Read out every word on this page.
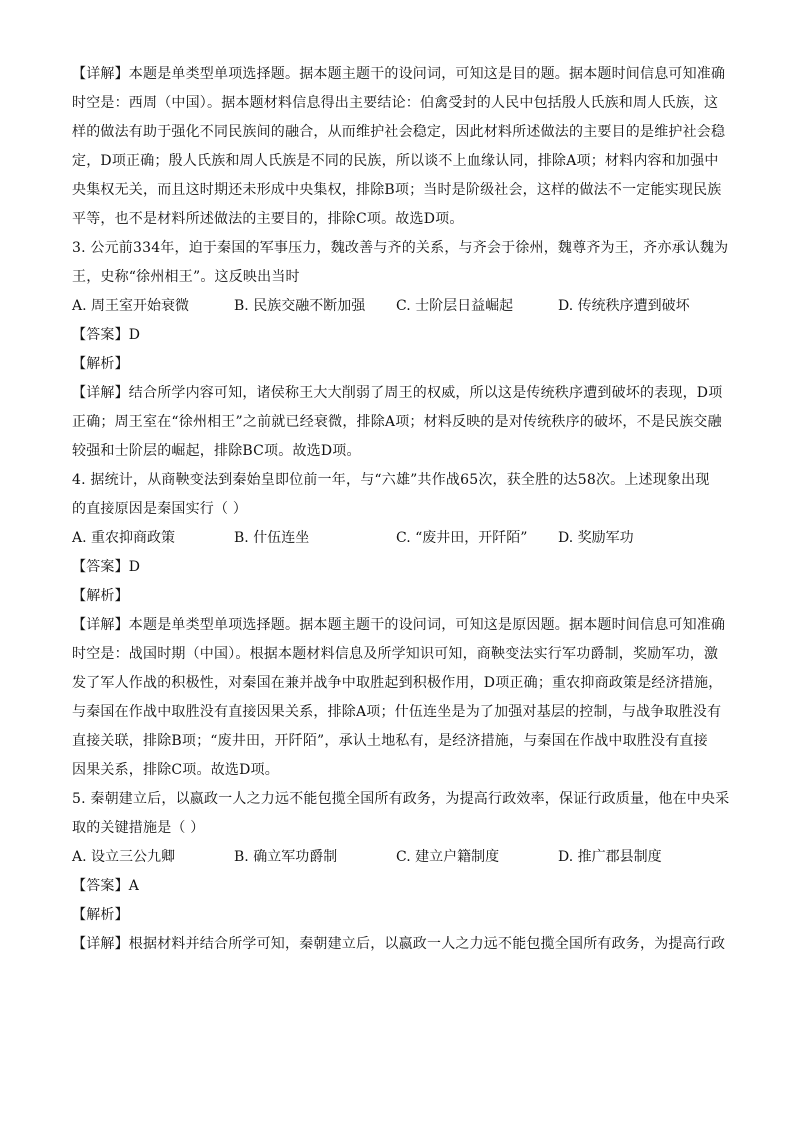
【详解】本题是单类型单项选择题。据本题主题干的设问词，可知这是目的题。据本题时间信息可知准确
时空是：西周（中国）。据本题材料信息得出主要结论：伯禽受封的人民中包括殷人氏族和周人氏族，这
样的做法有助于强化不同民族间的融合，从而维护社会稳定，因此材料所述做法的主要目的是维护社会稳
定，D项正确；殷人氏族和周人氏族是不同的民族，所以谈不上血缘认同，排除A项；材料内容和加强中
央集权无关，而且这时期还未形成中央集权，排除B项；当时是阶级社会，这样的做法不一定能实现民族
平等，也不是材料所述做法的主要目的，排除C项。故选D项。
3. 公元前334年，迫于秦国的军事压力，魏改善与齐的关系，与齐会于徐州，魏尊齐为王，齐亦承认魏为
王，史称“徐州相王”。这反映出当时
A. 周王室开始衰微	B. 民族交融不断加强	C. 士阶层日益崛起	D. 传统秩序遭到破坏
【答案】D
【解析】
【详解】结合所学内容可知，诸侯称王大大削弱了周王的权威，所以这是传统秩序遭到破坏的表现，D项
正确；周王室在“徐州相王”之前就已经衰微，排除A项；材料反映的是对传统秩序的破坏，不是民族交融
较强和士阶层的崛起，排除BC项。故选D项。
4. 据统计，从商鞅变法到秦始皇即位前一年，与“六雄”共作战65次，获全胜的达58次。上述现象出现
的直接原因是秦国实行（ ）
A. 重农抑商政策	B. 什伍连坐	C. “废井田，开阡陌”	D. 奖励军功
【答案】D
【解析】
【详解】本题是单类型单项选择题。据本题主题干的设问词，可知这是原因题。据本题时间信息可知准确
时空是：战国时期（中国）。根据本题材料信息及所学知识可知，商鞅变法实行军功爵制，奖励军功，激
发了军人作战的积极性，对秦国在兼并战争中取胜起到积极作用，D项正确；重农抑商政策是经济措施，
与秦国在作战中取胜没有直接因果关系，排除A项；什伍连坐是为了加强对基层的控制，与战争取胜没有
直接关联，排除B项；“废井田，开阡陌”，承认土地私有，是经济措施，与秦国在作战中取胜没有直接
因果关系，排除C项。故选D项。
5. 秦朝建立后，以嬴政一人之力远不能包揽全国所有政务，为提高行政效率，保证行政质量，他在中央采
取的关键措施是（ ）
A. 设立三公九卿	B. 确立军功爵制	C. 建立户籍制度	D. 推广郡县制度
【答案】A
【解析】
【详解】根据材料并结合所学可知，秦朝建立后，以嬴政一人之力远不能包揽全国所有政务，为提高行政
